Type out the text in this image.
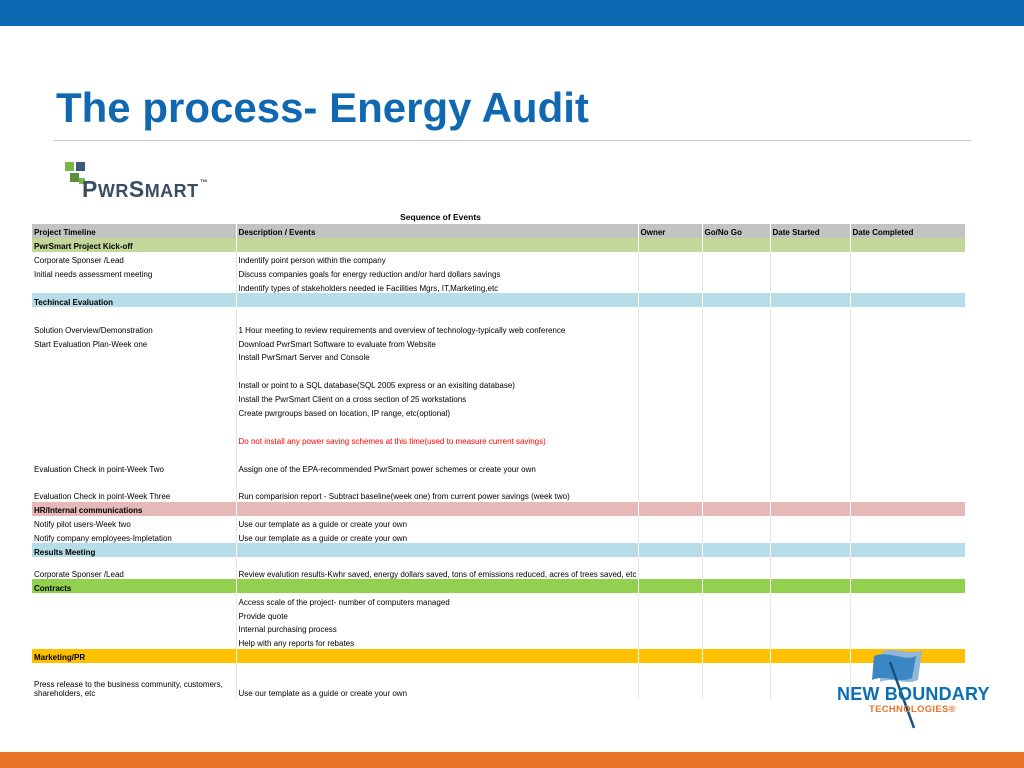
The process- Energy Audit
PWRSMART™
Sequence of Events
Project Timeline	Description / Events	Owner	Go/No Go	Date Started	Date Completed
PwrSmart Project Kick-off					
Corporate Sponser /Lead	Indentify point person within the company				
Initial needs assessment meeting	Discuss companies goals for energy reduction and/or hard dollars savings				
	Indentify types of stakeholders needed ie Facilities Mgrs, IT,Marketing,etc				
Techincal Evaluation					

Solution Overview/Demonstration	1 Hour meeting to review requirements and overview of technology-typically web conference				
Start Evaluation Plan-Week one	Download PwrSmart Software to evaluate from Website				
	Install PwrSmart Server and Console				

	Install or point to a SQL database(SQL 2005 express or an exisiting database)				
	Install the PwrSmart Client on a cross section of 25 workstations				
	Create pwrgroups based on location, IP range, etc(optional)				

	Do not install any power saving schemes at this time(used to measure current savings)				

Evaluation Check in point-Week Two	Assign one of the EPA-recommended PwrSmart power schemes or create your own				

Evaluation Check in point-Week Three	Run comparision report - Subtract baseline(week one) from current power savings (week two)				
HR/Internal communications					
Notify pilot users-Week two	Use our template as a guide or create your own				
Notify company employees-Impletation	Use our template as a guide or create your own				
Results Meeting					
Corporate Sponser /Lead	Review evalution results-Kwhr saved, energy dollars saved, tons of emissions reduced, acres of trees saved, etc				
Contracts					
	Access scale of the project- number of computers managed				
	Provide quote				
	Internal purchasing process				
	Help with any reports for rebates				
Marketing/PR					

Press release to the business community, customers, shareholders, etc	Use our template as a guide or create your own					NEW BOUNDARY
TECHNOLOGIES®
